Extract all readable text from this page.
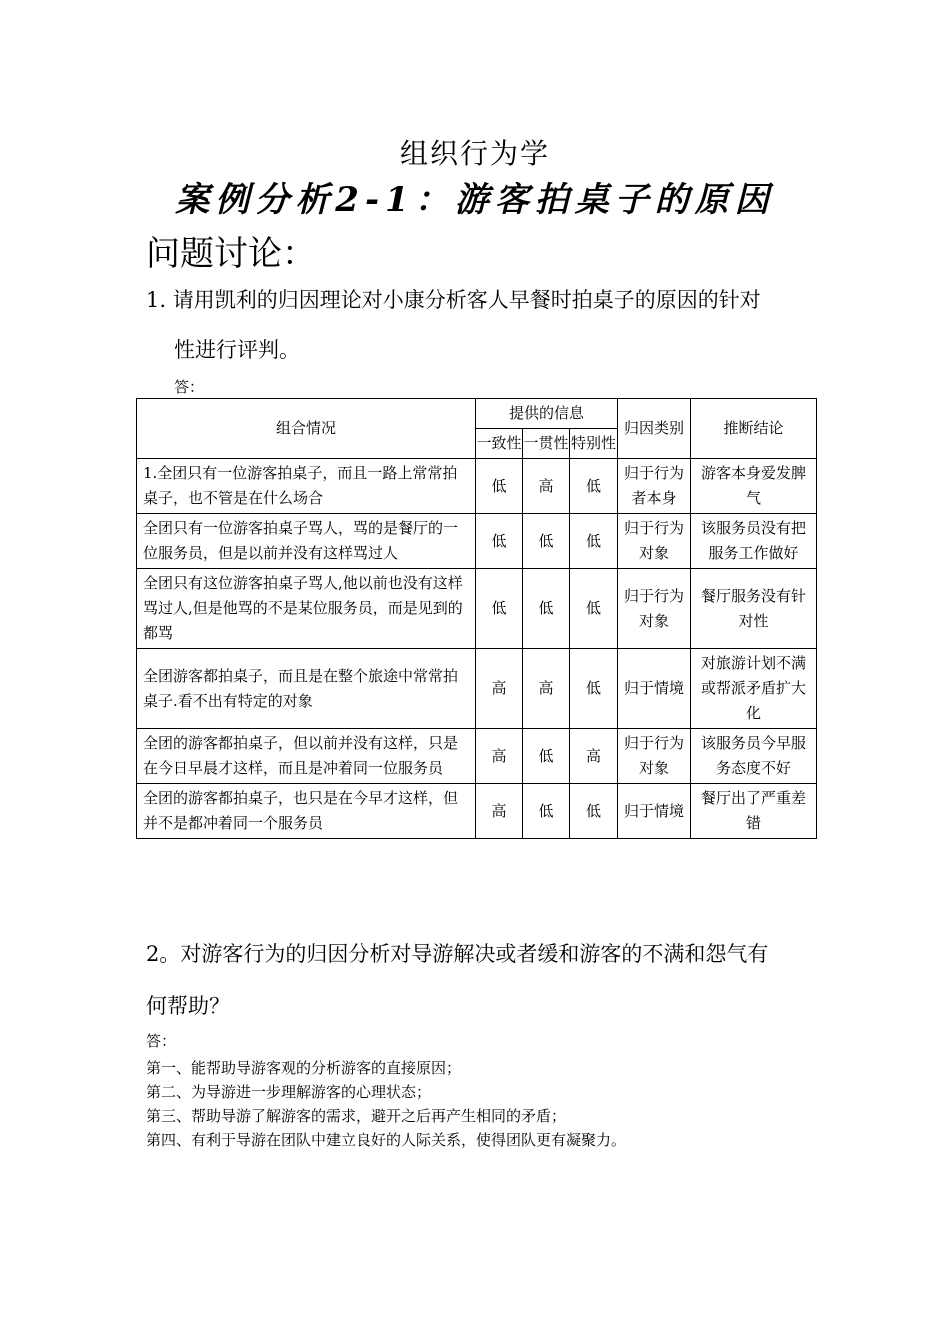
组织行为学
案例分析2-1：游客拍桌子的原因
问题讨论：
1. 请用凯利的归因理论对小康分析客人早餐时拍桌子的原因的针对
性进行评判。
答：
组合情况	提供的信息			归因类别	推断结论
	一致性	一贯性	特别性		
1.全团只有一位游客拍桌子，而且一路上常常拍桌子，也不管是在什么场合	低	高	低	归于行为者本身	游客本身爱发脾气
全团只有一位游客拍桌子骂人，骂的是餐厅的一位服务员，但是以前并没有这样骂过人	低	低	低	归于行为对象	该服务员没有把服务工作做好
全团只有这位游客拍桌子骂人,他以前也没有这样骂过人,但是他骂的不是某位服务员，而是见到的都骂	低	低	低	归于行为对象	餐厅服务没有针对性
全团游客都拍桌子，而且是在整个旅途中常常拍桌子.看不出有特定的对象	高	高	低	归于情境	对旅游计划不满或帮派矛盾扩大化
全团的游客都拍桌子，但以前并没有这样，只是在今日早晨才这样，而且是冲着同一位服务员	高	低	高	归于行为对象	该服务员今早服务态度不好
全团的游客都拍桌子，也只是在今早才这样，但并不是都冲着同一个服务员	高	低	低	归于情境	餐厅出了严重差错
2。对游客行为的归因分析对导游解决或者缓和游客的不满和怨气有
何帮助？
答：
第一、能帮助导游客观的分析游客的直接原因；
第二、为导游进一步理解游客的心理状态；
第三、帮助导游了解游客的需求，避开之后再产生相同的矛盾；
第四、有利于导游在团队中建立良好的人际关系，使得团队更有凝聚力。
